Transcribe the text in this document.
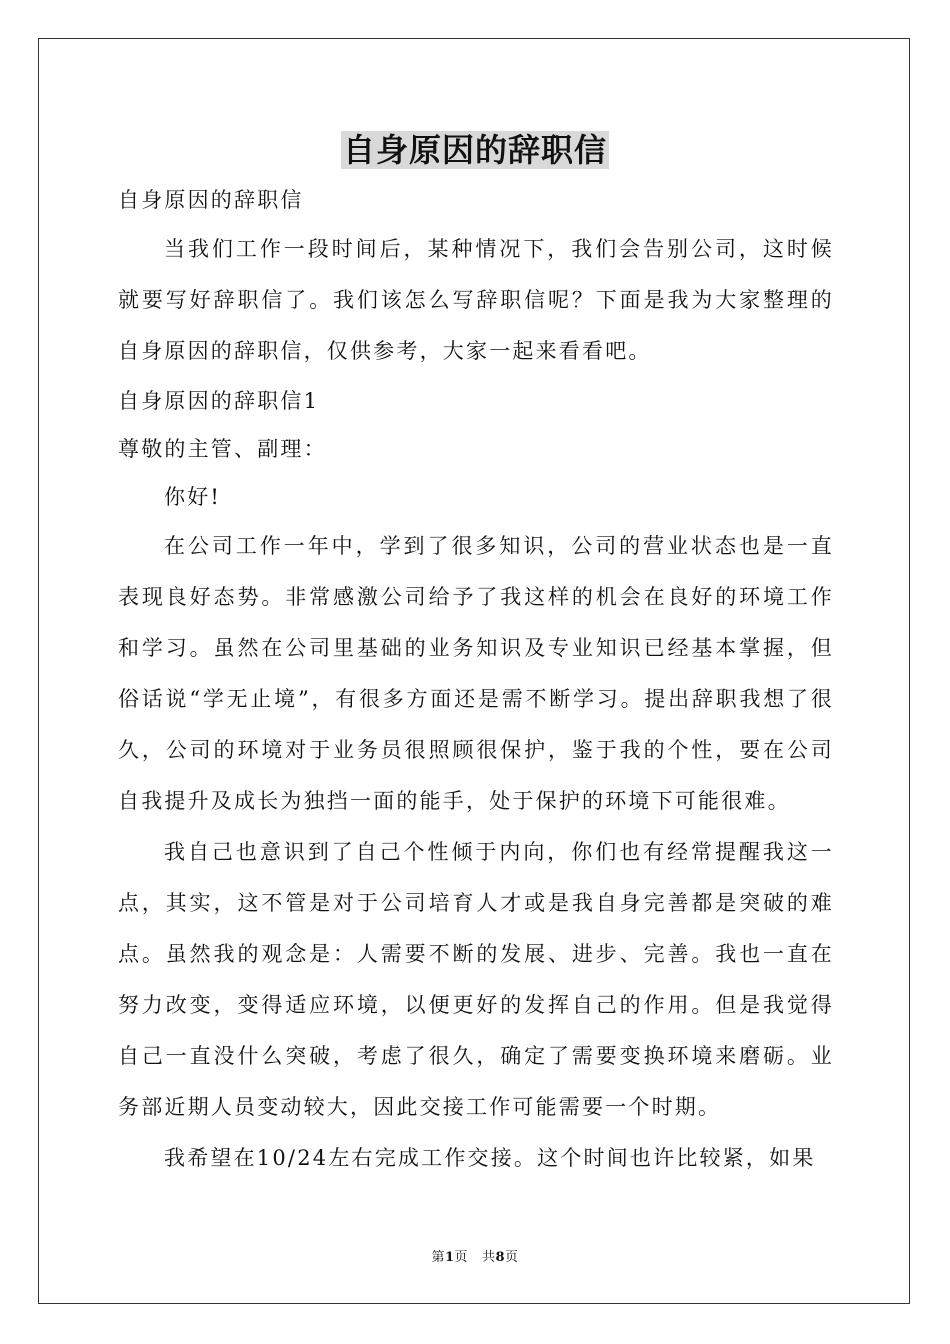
自身原因的辞职信

自身原因的辞职信

当我们工作一段时间后，某种情况下，我们会告别公司，这时候就要写好辞职信了。我们该怎么写辞职信呢？下面是我为大家整理的自身原因的辞职信，仅供参考，大家一起来看看吧。

自身原因的辞职信1

尊敬的主管、副理：

你好!

在公司工作一年中，学到了很多知识，公司的营业状态也是一直表现良好态势。非常感激公司给予了我这样的机会在良好的环境工作和学习。虽然在公司里基础的业务知识及专业知识已经基本掌握，但俗话说“学无止境”，有很多方面还是需不断学习。提出辞职我想了很久，公司的环境对于业务员很照顾很保护，鉴于我的个性，要在公司自我提升及成长为独挡一面的能手，处于保护的环境下可能很难。

我自己也意识到了自己个性倾于内向，你们也有经常提醒我这一点，其实，这不管是对于公司培育人才或是我自身完善都是突破的难点。虽然我的观念是：人需要不断的发展、进步、完善。我也一直在努力改变，变得适应环境，以便更好的发挥自己的作用。但是我觉得自己一直没什么突破，考虑了很久，确定了需要变换环境来磨砺。业务部近期人员变动较大，因此交接工作可能需要一个时期。

我希望在10/24左右完成工作交接。这个时间也许比较紧，如果

第1页 共8页
